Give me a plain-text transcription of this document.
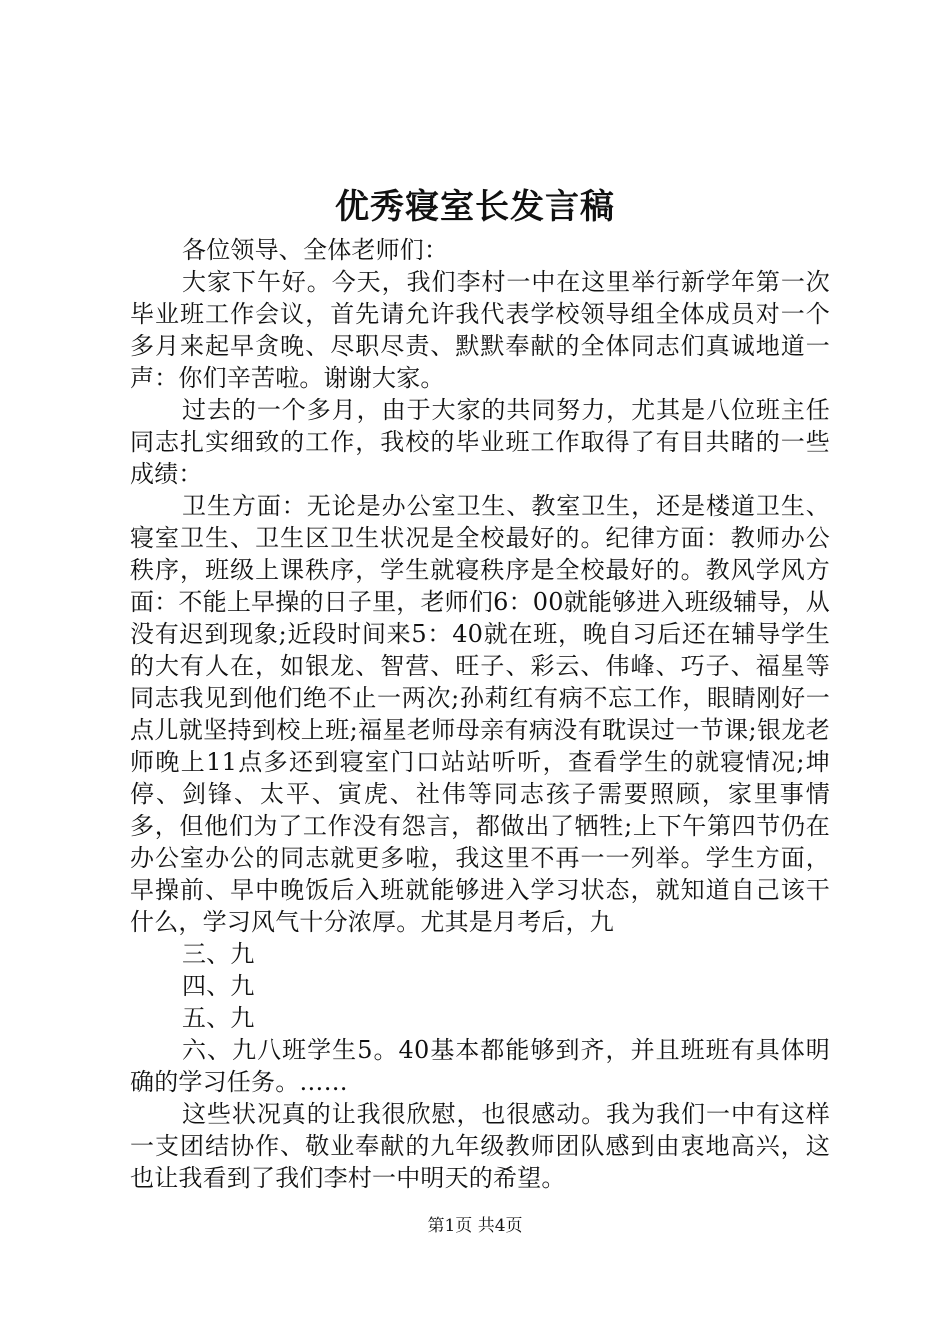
优秀寝室长发言稿

各位领导、全体老师们：

大家下午好。今天，我们李村一中在这里举行新学年第一次毕业班工作会议，首先请允许我代表学校领导组全体成员对一个多月来起早贪晚、尽职尽责、默默奉献的全体同志们真诚地道一声：你们辛苦啦。谢谢大家。

过去的一个多月，由于大家的共同努力，尤其是八位班主任同志扎实细致的工作，我校的毕业班工作取得了有目共睹的一些成绩：

卫生方面：无论是办公室卫生、教室卫生，还是楼道卫生、寝室卫生、卫生区卫生状况是全校最好的。纪律方面：教师办公秩序，班级上课秩序，学生就寝秩序是全校最好的。教风学风方面：不能上早操的日子里，老师们6：00就能够进入班级辅导，从没有迟到现象;近段时间来5：40就在班，晚自习后还在辅导学生的大有人在，如银龙、智营、旺子、彩云、伟峰、巧子、福星等同志我见到他们绝不止一两次;孙莉红有病不忘工作，眼睛刚好一点儿就坚持到校上班;福星老师母亲有病没有耽误过一节课;银龙老师晚上11点多还到寝室门口站站听听，查看学生的就寝情况;坤停、剑锋、太平、寅虎、社伟等同志孩子需要照顾，家里事情多，但他们为了工作没有怨言，都做出了牺牲;上下午第四节仍在办公室办公的同志就更多啦，我这里不再一一列举。学生方面，早操前、早中晚饭后入班就能够进入学习状态，就知道自己该干什么，学习风气十分浓厚。尤其是月考后，九

三、九

四、九

五、九

六、九八班学生5。40基本都能够到齐，并且班班有具体明确的学习任务。……

这些状况真的让我很欣慰，也很感动。我为我们一中有这样一支团结协作、敬业奉献的九年级教师团队感到由衷地高兴，这也让我看到了我们李村一中明天的希望。

第1页 共4页
